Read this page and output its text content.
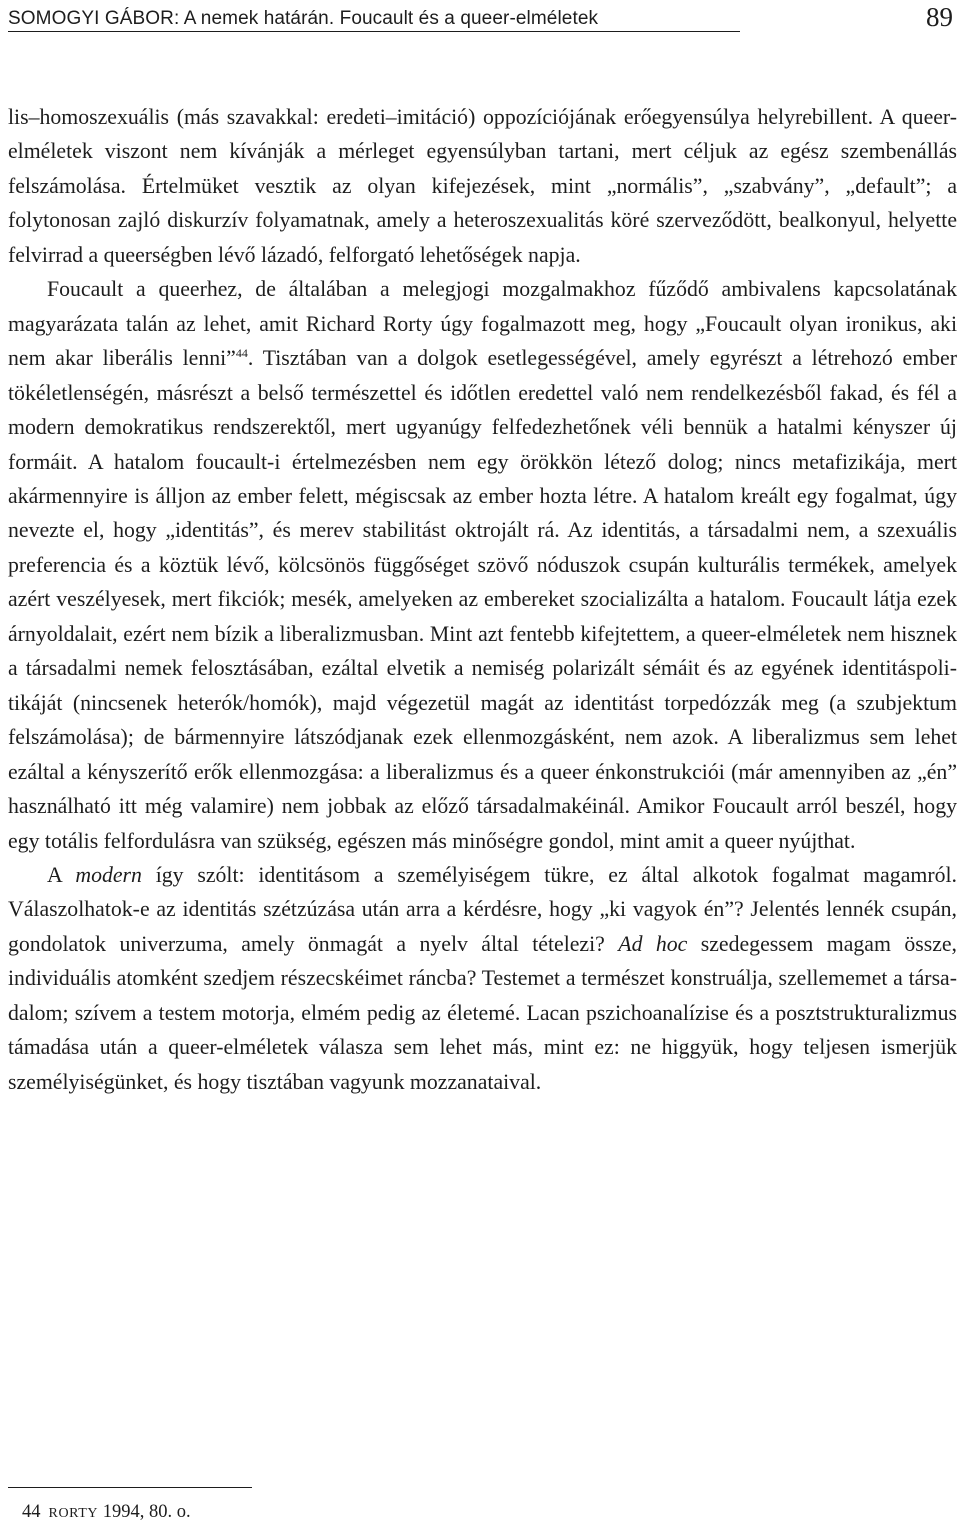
SOMOGYI GÁBOR: A nemek határán. Foucault és a queer-elméletek	89

lis–homoszexuális (más szavakkal: eredeti–imitáció) oppozíciójának erőegyensúlya helyrebillent. A queer-elméletek viszont nem kívánják a mérleget egyensúlyban tartani, mert céljuk az egész szembenállás felszámolása. Értelmüket vesztik az olyan kifejezések, mint „normális”, „szabvány”, „default”; a folytonosan zajló diskurzív folyamatnak, amely a heteroszexualitás köré szerveződött, bealkonyul, helyette felvirrad a queerségben lévő lázadó, felforgató lehetőségek napja.

Foucault a queerhez, de általában a melegjogi mozgalmakhoz fűződő ambivalens kapcsolatának magyarázata talán az lehet, amit Richard Rorty úgy fogalmazott meg, hogy „Foucault olyan ironikus, aki nem akar liberális lenni”$^{44}$. Tisztában van a dolgok esetlegességével, amely egyrészt a létrehozó ember tökéletlenségén, másrészt a belső természettel és időtlen eredettel való nem rendelkezésből fakad, és fél a modern demokratikus rendszerektől, mert ugyanúgy felfedezhetőnek véli bennük a hatalmi kényszer új formáit. A hatalom foucault-i értelmezésben nem egy örökkön létező dolog; nincs metafizikája, mert akármennyire is álljon az ember felett, mégiscsak az ember hozta létre. A hatalom kreált egy fogalmat, úgy nevezte el, hogy „identitás”, és merev stabilitást oktrojált rá. Az identitás, a társadalmi nem, a szexuális preferencia és a köztük lévő, kölcsönös függőséget szövő nóduszok csupán kulturális termékek, amelyek azért veszélyesek, mert fikciók; mesék, amelyeken az embereket szocializálta a hatalom. Foucault látja ezek árnyoldalait, ezért nem bízik a liberalizmusban. Mint azt fentebb kifejtettem, a queer-elméletek nem hisznek a társadalmi nemek felosztásában, ezáltal elvetik a nemiség polarizált sémáit és az egyének identitáspolitikáját (nincsenek heterók/homók), majd végezetül magát az identitást torpedózzák meg (a szubjektum felszámolása); de bármennyire látszódjanak ezek ellenmozgásként, nem azok. A liberalizmus sem lehet ezáltal a kényszerítő erők ellenmozgása: a liberalizmus és a queer énkonstrukciói (már amennyiben az „én” használható itt még valamire) nem jobbak az előző társadalmakéinál. Amikor Foucault arról beszél, hogy egy totális felfordulásra van szükség, egészen más minőségre gondol, mint amit a queer nyújthat.

A modern így szólt: identitásom a személyiségem tükre, ez által alkotok fogalmat magamról. Válaszolhatok-e az identitás szétzúzása után arra a kérdésre, hogy „ki vagyok én”? Jelentés lennék csupán, gondolatok univerzuma, amely önmagát a nyelv által tételezi? Ad hoc szedegessem magam össze, individuális atomként szedjem részecskéimet ráncba? Testemet a természet konstruálja, szellememet a társadalom; szívem a testem motorja, elmém pedig az életemé. Lacan pszichoanalízise és a posztstrukturalizmus támadása után a queer-elméletek válasza sem lehet más, mint ez: ne higgyük, hogy teljesen ismerjük személyiségünket, és hogy tisztában vagyunk mozzanataival.

44 RORTY 1994, 80. o.
